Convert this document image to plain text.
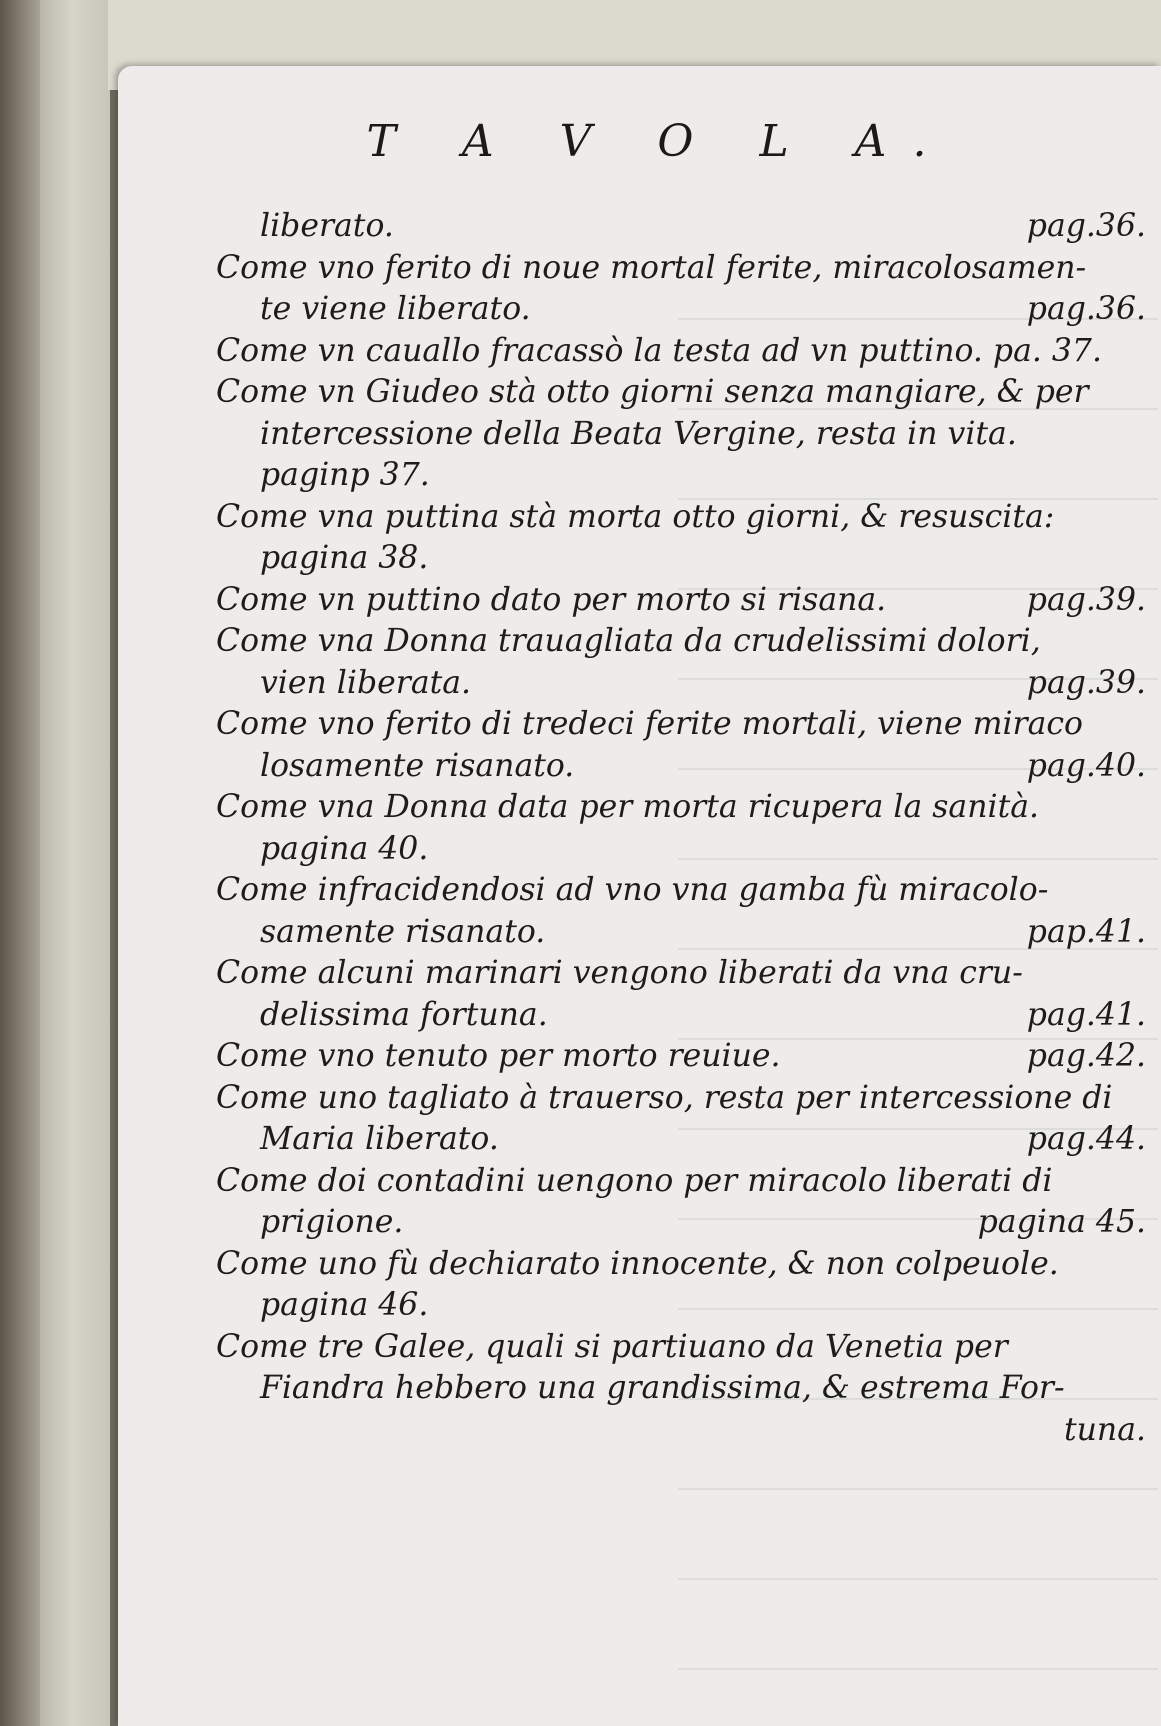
T A V O L A.
liberato.	pag.36.
Come vno ferito di noue mortal ferite, miracolosamen-
te viene liberato.	pag.36.
Come vn cauallo fracassò la testa ad vn puttino. pa. 37.
Come vn Giudeo stà otto giorni senza mangiare, & per
intercessione della Beata Vergine, resta in vita.
paginp 37.
Come vna puttina stà morta otto giorni, & resuscita:
pagina 38.
Come vn puttino dato per morto si risana.	pag.39.
Come vna Donna trauagliata da crudelissimi dolori,
vien liberata.	pag.39.
Come vno ferito di tredeci ferite mortali, viene miraco
losamente risanato.	pag.40.
Come vna Donna data per morta ricupera la sanità.
pagina 40.
Come infracidendosi ad vno vna gamba fù miracolo-
samente risanato.	pap.41.
Come alcuni marinari vengono liberati da vna cru-
delissima fortuna.	pag.41.
Come vno tenuto per morto reuiue.	pag.42.
Come uno tagliato à trauerso, resta per intercessione di
Maria liberato.	pag.44.
Come doi contadini uengono per miracolo liberati di
prigione.	pagina 45.
Come uno fù dechiarato innocente, & non colpeuole.
pagina 46.
Come tre Galee, quali si partiuano da Venetia per
Fiandra hebbero una grandissima, & estrema For-
tuna.
